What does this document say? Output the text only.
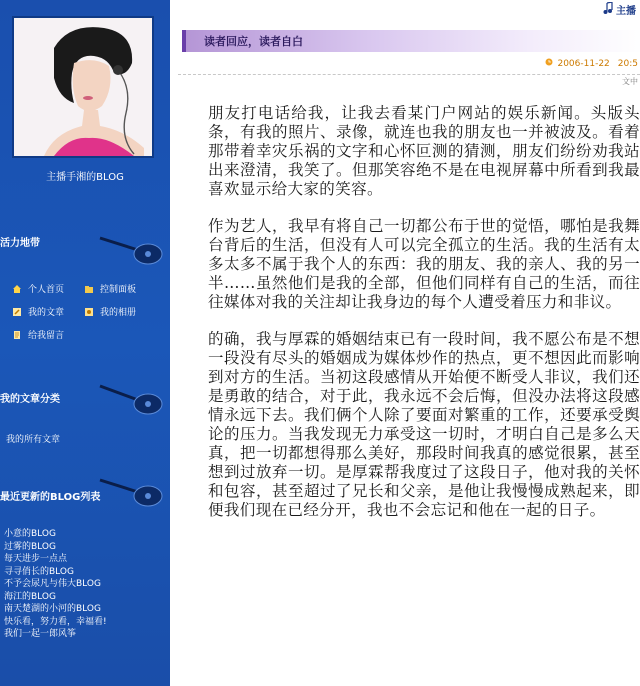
主播手湘的BLOG
活力地带
个人首页	控制面板
我的文章	我的相册
给我留言
我的文章分类
我的所有文章
最近更新的BLOG列表
小意的BLOG
过雾的BLOG
每天进步一点点
寻寻俏长的BLOG
不予会尿凡与伟大BLOG
海江的BLOG
南天楚湖的小河的BLOG
快乐看，努力看，幸福看!
我们一起一郎风筝
主播
读者回应，读者自白
2006-11-22 20:5
文中

朋友打电话给我，让我去看某门户网站的娱乐新闻。头版头条，有我的照片、录像，就连也我的朋友也一并被波及。看着那带着幸灾乐祸的文字和心怀叵测的猜测，朋友们纷纷劝我站出来澄清，我笑了。但那笑容绝不是在电视屏幕中所看到我最喜欢显示给大家的笑容。

作为艺人，我早有将自己一切都公布于世的觉悟，哪怕是我舞台背后的生活，但没有人可以完全孤立的生活。我的生活有太多太多不属于我个人的东西：我的朋友、我的亲人、我的另一半……虽然他们是我的全部，但他们同样有自己的生活，而往往媒体对我的关注却让我身边的每个人遭受着压力和非议。

的确，我与厚霖的婚姻结束已有一段时间，我不愿公布是不想一段没有尽头的婚姻成为媒体炒作的热点，更不想因此而影响到对方的生活。当初这段感情从开始便不断受人非议，我们还是勇敢的结合，对于此，我永远不会后悔，但没办法将这段感情永远下去。我们俩个人除了要面对繁重的工作，还要承受舆论的压力。当我发现无力承受这一切时，才明白自己是多么天真，把一切都想得那么美好，那段时间我真的感觉很累，甚至想到过放弃一切。是厚霖帮我度过了这段日子，他对我的关怀和包容，甚至超过了兄长和父亲，是他让我慢慢成熟起来，即便我们现在已经分开，我也不会忘记和他在一起的日子。
